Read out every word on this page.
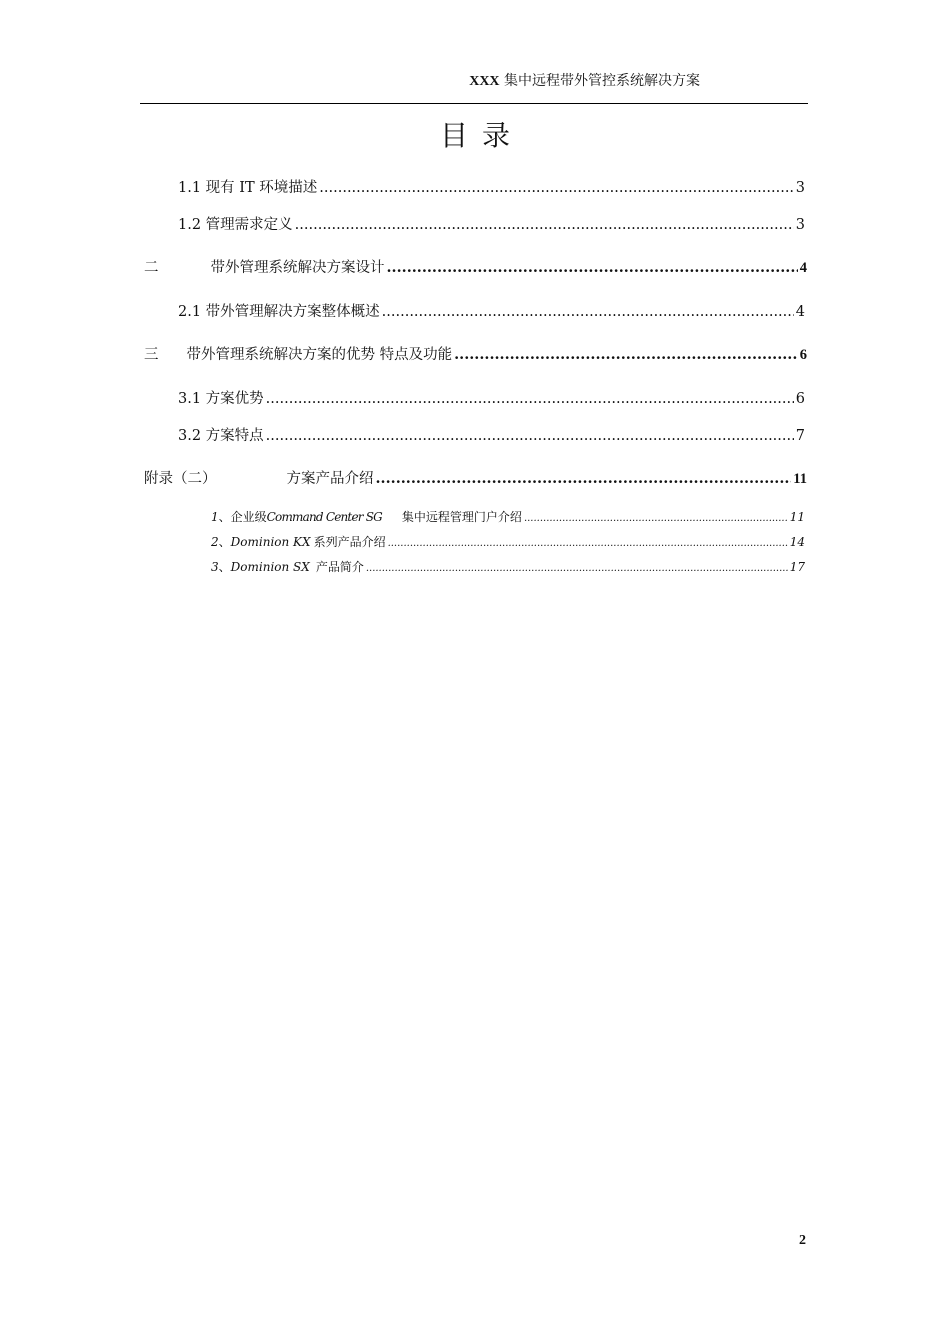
XXX 集中远程带外管控系统解决方案
目录
1.1 现有 IT 环境描述 .....	3
1.2 管理需求定义 .....	3
二	带外管理系统解决方案设计 .....	4
2.1 带外管理解决方案整体概述 .....	4
三 带外管理系统解决方案的优势 特点及功能 .....	6
3.1 方案优势 .....	6
3.2 方案特点 .....	7
附录（二）	方案产品介绍 .....	11
1、企业级Command Center SG 集中远程管理门户介绍 .....	11
2、Dominion KX 系列产品介绍 .....	14
3、Dominion SX 产品简介 .....	17
2
